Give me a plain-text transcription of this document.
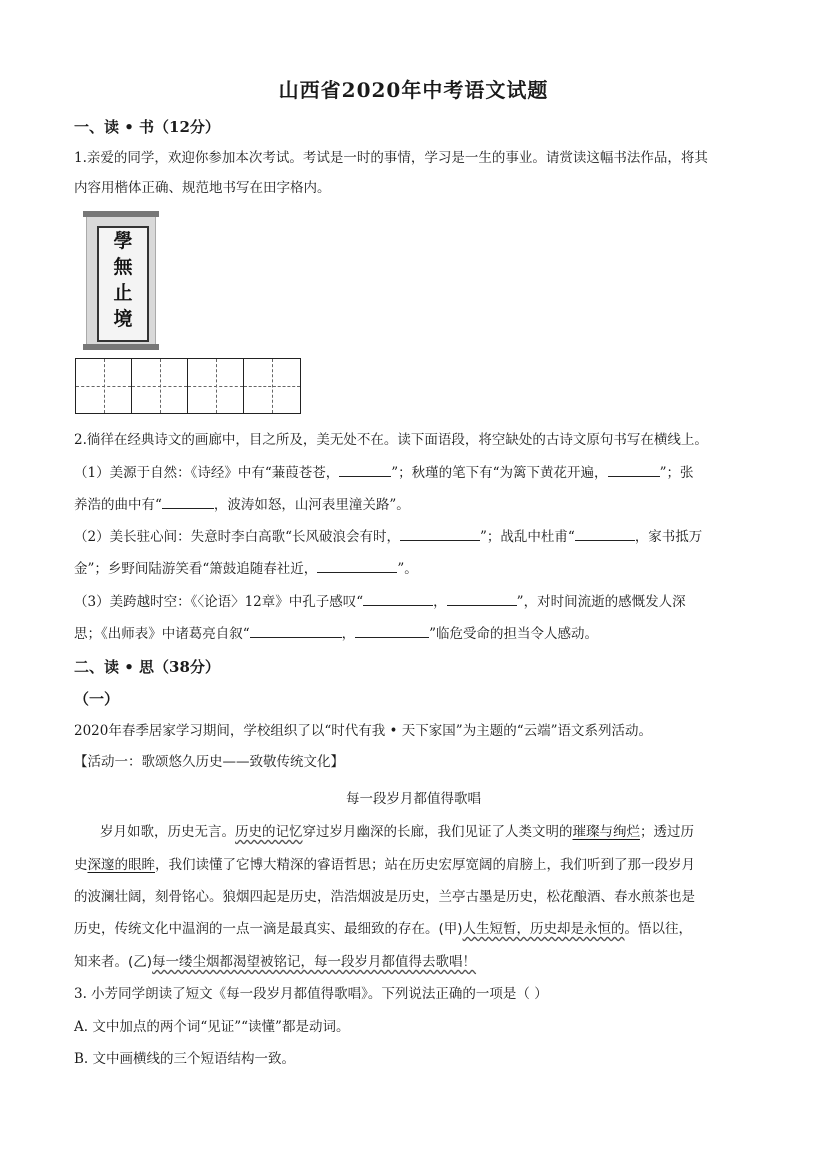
山西省2020年中考语文试题
一、读 • 书（12分）
1.亲爱的同学，欢迎你参加本次考试。考试是一时的事情，学习是一生的事业。请赏读这幅书法作品，将其
内容用楷体正确、规范地书写在田字格内。
學
無
止
境
2.徜徉在经典诗文的画廊中，目之所及，美无处不在。读下面语段，将空缺处的古诗文原句书写在横线上。
（1）美源于自然：《诗经》中有“蒹葭苍苍，	”；秋瑾的笔下有“为篱下黄花开遍，	”；张
养浩的曲中有“	，波涛如怒，山河表里潼关路”。
（2）美长驻心间：失意时李白高歌“长风破浪会有时，	”；战乱中杜甫“	，家书抵万
金”；乡野间陆游笑看“箫鼓追随春社近，	”。
（3）美跨越时空：《〈论语〉12章》中孔子感叹“	，	”，对时间流逝的感慨发人深
思；《出师表》中诸葛亮自叙“	，	”临危受命的担当令人感动。
二、读 • 思（38分）
（一）
2020年春季居家学习期间，学校组织了以“时代有我 • 天下家国”为主题的“云端”语文系列活动。
【活动一：歌颂悠久历史——致敬传统文化】
每一段岁月都值得歌唱
岁月如歌，历史无言。历史的记忆穿过岁月幽深的长廊，我们见证了人类文明的璀璨与绚烂；透过历
史深邃的眼眸，我们读懂了它博大精深的睿语哲思；站在历史宏厚宽阔的肩膀上，我们听到了那一段岁月
的波澜壮阔，刻骨铭心。狼烟四起是历史，浩浩烟波是历史，兰亭古墨是历史，松花酿酒、春水煎茶也是
历史，传统文化中温润的一点一滴是最真实、最细致的存在。(甲)人生短暂，历史却是永恒的。悟以往，
知来者。(乙)每一缕尘烟都渴望被铭记，每一段岁月都值得去歌唱！
3. 小芳同学朗读了短文《每一段岁月都值得歌唱》。下列说法正确的一项是（ ）
A. 文中加点的两个词“见证”“读懂”都是动词。
B. 文中画横线的三个短语结构一致。
